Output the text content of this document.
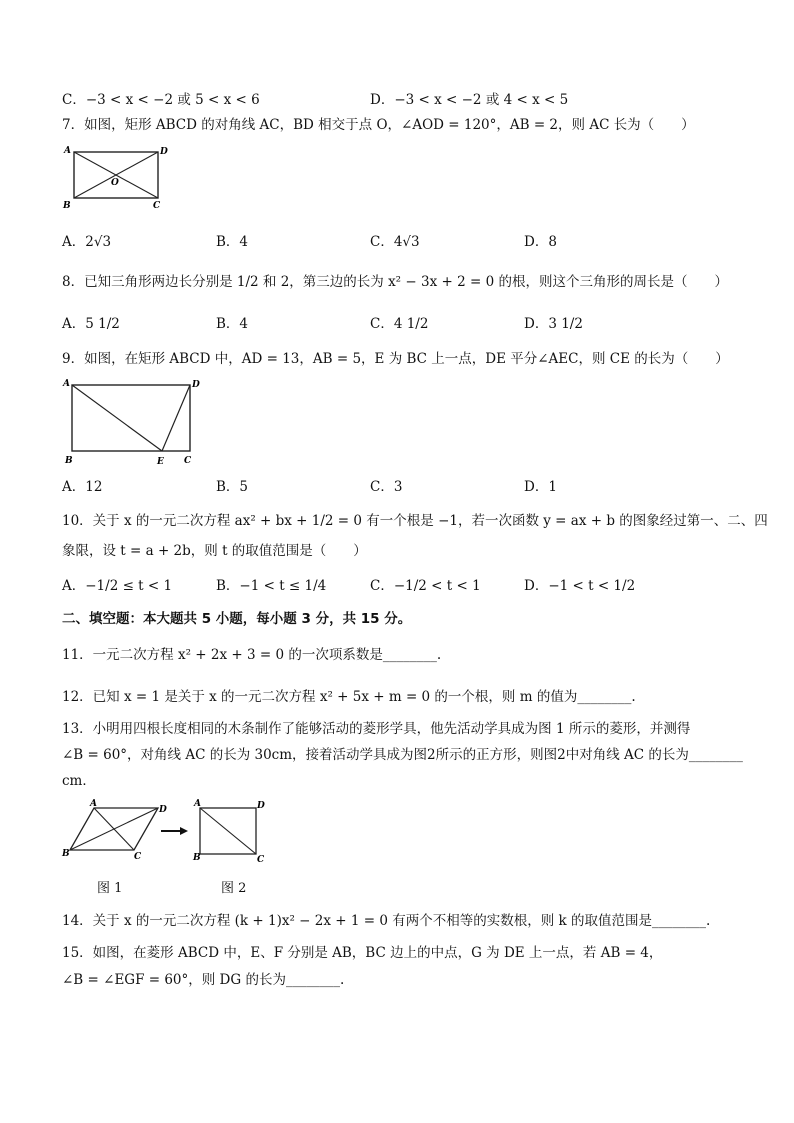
C．−3 < x < −2 或 5 < x < 6	D．−3 < x < −2 或 4 < x < 5
7．如图，矩形 ABCD 的对角线 AC，BD 相交于点 O，∠AOD = 120°，AB = 2，则 AC 长为（　　）
A	D
O
B	C
A．2√3	B．4	C．4√3	D．8
8．已知三角形两边长分别是 1/2 和 2，第三边的长为 x² − 3x + 2 = 0 的根，则这个三角形的周长是（　　）
A．5 1/2	B．4	C．4 1/2	D．3 1/2
9．如图，在矩形 ABCD 中，AD = 13，AB = 5，E 为 BC 上一点，DE 平分∠AEC，则 CE 的长为（　　）
A	D
B	E C
A．12	B．5	C．3	D．1
10．关于 x 的一元二次方程 ax² + bx + 1/2 = 0 有一个根是 −1，若一次函数 y = ax + b 的图象经过第一、二、四
象限，设 t = a + 2b，则 t 的取值范围是（　　）
A．−1/2 ≤ t < 1	B．−1 < t ≤ 1/4	C．−1/2 < t < 1	D．−1 < t < 1/2
二、填空题：本大题共 5 小题，每小题 3 分，共 15 分。
11．一元二次方程 x² + 2x + 3 = 0 的一次项系数是________.
12．已知 x = 1 是关于 x 的一元二次方程 x² + 5x + m = 0 的一个根，则 m 的值为________.
13．小明用四根长度相同的木条制作了能够活动的菱形学具，他先活动学具成为图 1 所示的菱形，并测得
∠B = 60°，对角线 AC 的长为 30cm，接着活动学具成为图2所示的正方形，则图2中对角线 AC 的长为________
cm．
A
D
B	C
A	D
B	C
图 1	图 2
14．关于 x 的一元二次方程 (k + 1)x² − 2x + 1 = 0 有两个不相等的实数根，则 k 的取值范围是________.
15．如图，在菱形 ABCD 中，E、F 分别是 AB，BC 边上的中点，G 为 DE 上一点，若 AB = 4，
∠B = ∠EGF = 60°，则 DG 的长为________.
